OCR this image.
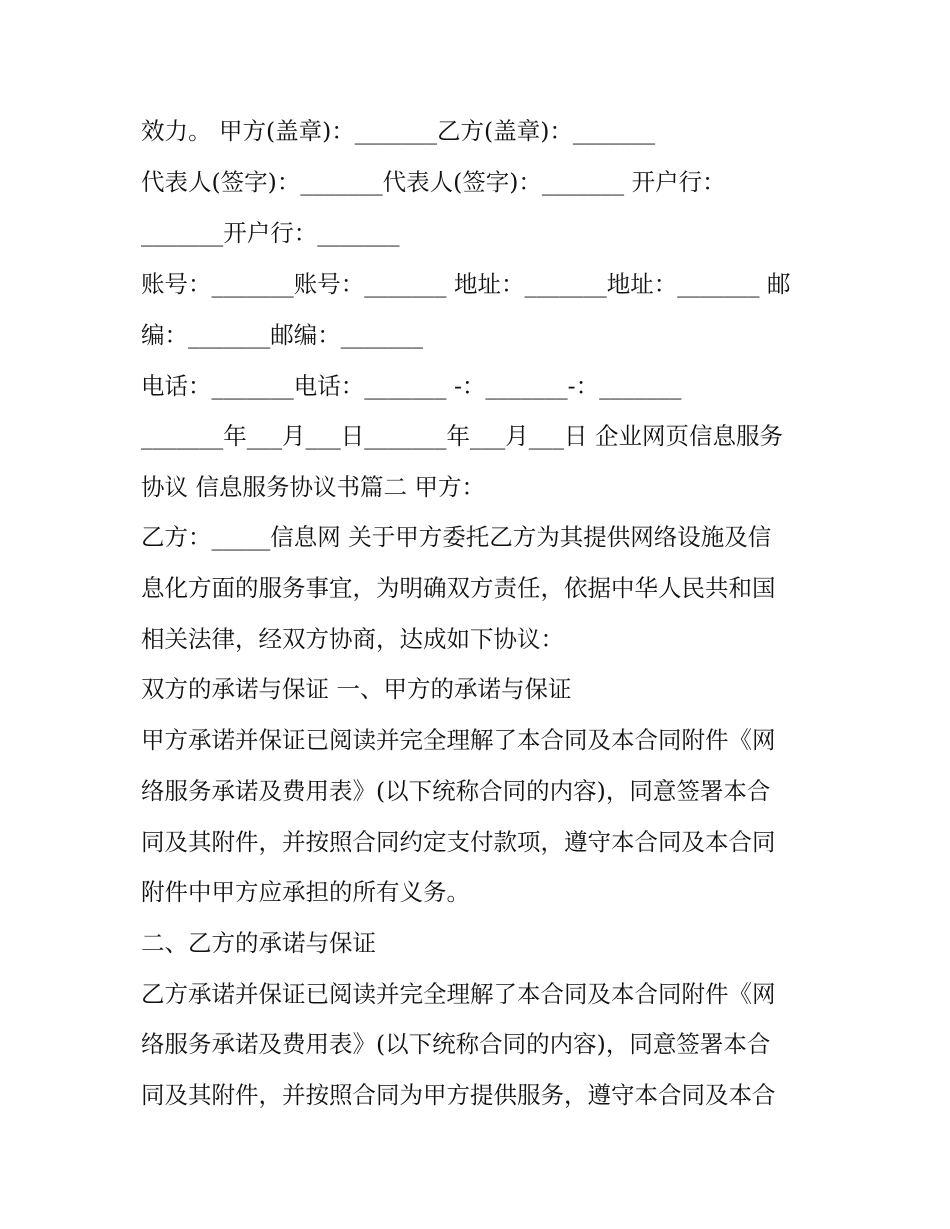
效力。 甲方(盖章)：_______乙方(盖章)：_______
代表人(签字)：_______代表人(签字)：_______ 开户行：
_______开户行：_______
账号：_______账号：_______ 地址：_______地址：_______ 邮
编：_______邮编：_______
电话：_______电话：_______ -：_______-：_______
_______年___月___日_______年___月___日 企业网页信息服务
协议 信息服务协议书篇二 甲方：
乙方：_____信息网 关于甲方委托乙方为其提供网络设施及信
息化方面的服务事宜，为明确双方责任，依据中华人民共和国
相关法律，经双方协商，达成如下协议：
双方的承诺与保证 一、甲方的承诺与保证
甲方承诺并保证已阅读并完全理解了本合同及本合同附件《网
络服务承诺及费用表》(以下统称合同的内容)，同意签署本合
同及其附件，并按照合同约定支付款项，遵守本合同及本合同
附件中甲方应承担的所有义务。
二、乙方的承诺与保证
乙方承诺并保证已阅读并完全理解了本合同及本合同附件《网
络服务承诺及费用表》(以下统称合同的内容)，同意签署本合
同及其附件，并按照合同为甲方提供服务，遵守本合同及本合
